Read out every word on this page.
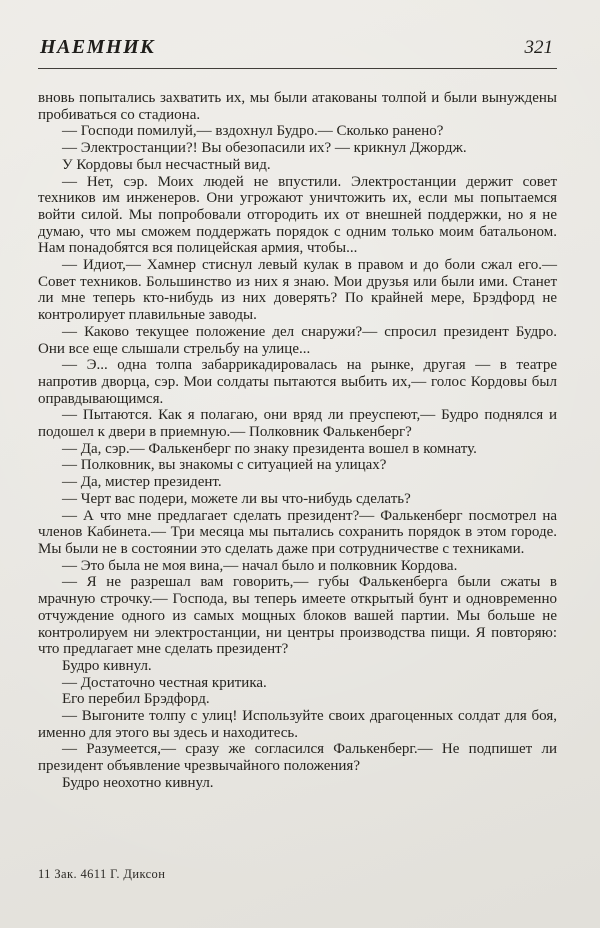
НАЕМНИК	321

вновь попытались захватить их, мы были атакованы толпой и были вынуждены пробиваться со стадиона.

— Господи помилуй,— вздохнул Будро.— Сколько ранено?

— Электростанции?! Вы обезопасили их? — крикнул Джордж.

У Кордовы был несчастный вид.

— Нет, сэр. Моих людей не впустили. Электростанции держит совет техников им инженеров. Они угрожают уничтожить их, если мы попытаемся войти силой. Мы попробовали отгородить их от внешней поддержки, но я не думаю, что мы сможем поддержать порядок с одним только моим батальоном. Нам понадобятся вся полицейская армия, чтобы...

— Идиот,— Хамнер стиснул левый кулак в правом и до боли сжал его.— Совет техников. Большинство из них я знаю. Мои друзья или были ими. Станет ли мне теперь кто-нибудь из них доверять? По крайней мере, Брэдфорд не контролирует плавильные заводы.

— Каково текущее положение дел снаружи?— спросил президент Будро. Они все еще слышали стрельбу на улице...

— Э... одна толпа забаррикадировалась на рынке, другая — в театре напротив дворца, сэр. Мои солдаты пытаются выбить их,— голос Кордовы был оправдывающимся.

— Пытаются. Как я полагаю, они вряд ли преуспеют,— Будро поднялся и подошел к двери в приемную.— Полковник Фалькенберг?

— Да, сэр.— Фалькенберг по знаку президента вошел в комнату.

— Полковник, вы знакомы с ситуацией на улицах?

— Да, мистер президент.

— Черт вас подери, можете ли вы что-нибудь сделать?

— А что мне предлагает сделать президент?— Фалькенберг посмотрел на членов Кабинета.— Три месяца мы пытались сохранить порядок в этом городе. Мы были не в состоянии это сделать даже при сотрудничестве с техниками.

— Это была не моя вина,— начал было и полковник Кордова.

— Я не разрешал вам говорить,— губы Фалькенберга были сжаты в мрачную строчку.— Господа, вы теперь имеете открытый бунт и одновременно отчуждение одного из самых мощных блоков вашей партии. Мы больше не контролируем ни электростанции, ни центры производства пищи. Я повторяю: что предлагает мне сделать президент?

Будро кивнул.

— Достаточно честная критика.

Его перебил Брэдфорд.

— Выгоните толпу с улиц! Используйте своих драгоценных солдат для боя, именно для этого вы здесь и находитесь.

— Разумеется,— сразу же согласился Фалькенберг.— Не подпишет ли президент объявление чрезвычайного положения?

Будро неохотно кивнул.

11 Зак. 4611 Г. Диксон
